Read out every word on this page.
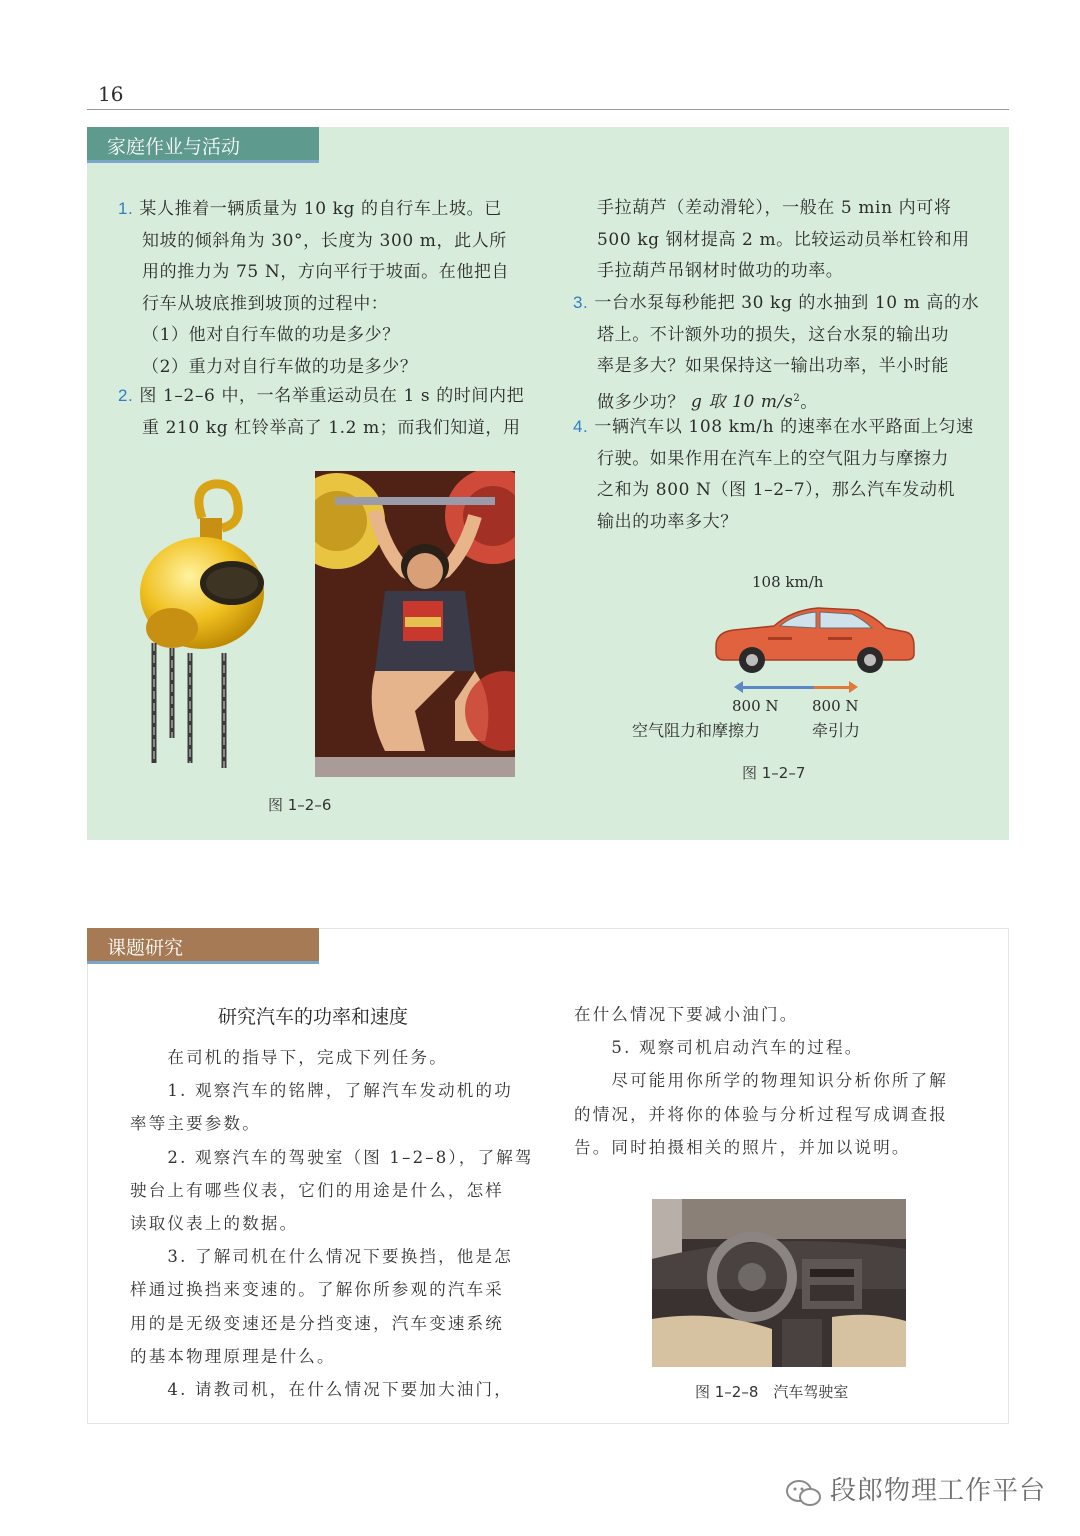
16
家庭作业与活动
1. 某人推着一辆质量为 10 kg 的自行车上坡。已
知坡的倾斜角为 30°，长度为 300 m，此人所
用的推力为 75 N，方向平行于坡面。在他把自
行车从坡底推到坡顶的过程中：
（1）他对自行车做的功是多少？
（2）重力对自行车做的功是多少？
2. 图 1–2–6 中，一名举重运动员在 1 s 的时间内把
重 210 kg 杠铃举高了 1.2 m；而我们知道，用
手拉葫芦（差动滑轮），一般在 5 min 内可将
500 kg 钢材提高 2 m。比较运动员举杠铃和用
手拉葫芦吊钢材时做功的功率。
3. 一台水泵每秒能把 30 kg 的水抽到 10 m 高的水
塔上。不计额外功的损失，这台水泵的输出功
率是多大？如果保持这一输出功率，半小时能
做多少功？ g 取 10 $m/s^2$。
4. 一辆汽车以 108 km/h 的速率在水平路面上匀速
行驶。如果作用在汽车上的空气阻力与摩擦力
之和为 800 N（图 1–2–7），那么汽车发动机
输出的功率多大？
图 1–2–6
108 km/h
800 N 800 N
空气阻力和摩擦力	牵引力
图 1–2–7
课题研究
研究汽车的功率和速度
　　在司机的指导下，完成下列任务。
　　1. 观察汽车的铭牌，了解汽车发动机的功
率等主要参数。
　　2. 观察汽车的驾驶室（图 1–2–8），了解驾
驶台上有哪些仪表，它们的用途是什么，怎样
读取仪表上的数据。
　　3. 了解司机在什么情况下要换挡，他是怎
样通过换挡来变速的。了解你所参观的汽车采
用的是无级变速还是分挡变速，汽车变速系统
的基本物理原理是什么。
　　4. 请教司机，在什么情况下要加大油门，
在什么情况下要减小油门。
　　5. 观察司机启动汽车的过程。
　　尽可能用你所学的物理知识分析你所了解
的情况，并将你的体验与分析过程写成调查报
告。同时拍摄相关的照片，并加以说明。
图 1–2–8　汽车驾驶室
段郎物理工作平台
